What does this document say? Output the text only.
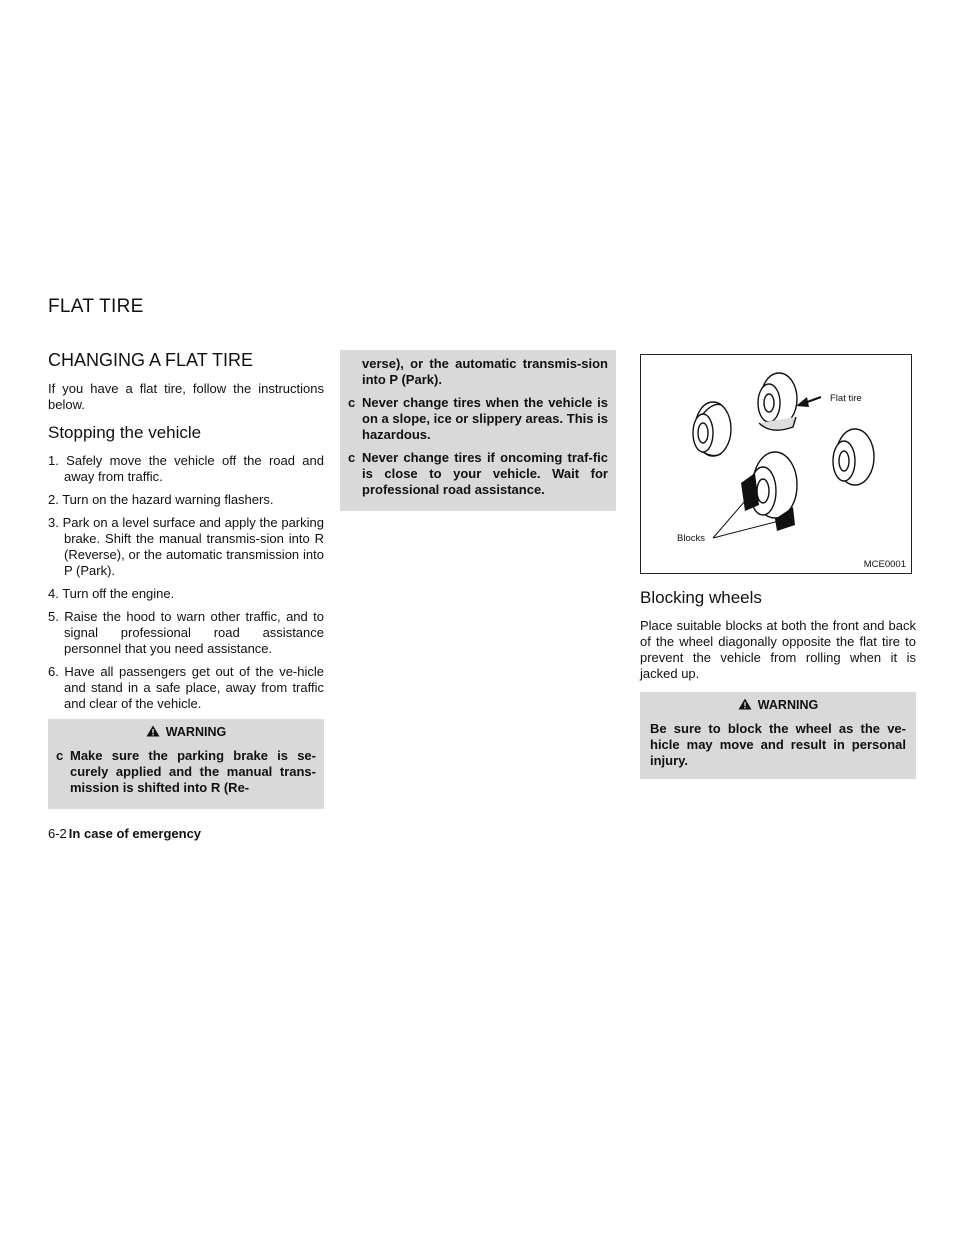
FLAT TIRE
CHANGING A FLAT TIRE

If you have a flat tire, follow the instructions below.

Stopping the vehicle
1. Safely move the vehicle off the road and away from traffic.
2. Turn on the hazard warning flashers.
3. Park on a level surface and apply the parking brake. Shift the manual transmis-sion into R (Reverse), or the automatic transmission into P (Park).
4. Turn off the engine.
5. Raise the hood to warn other traffic, and to signal professional road assistance personnel that you need assistance.
6. Have all passengers get out of the ve-hicle and stand in a safe place, away from traffic and clear of the vehicle.
WARNING
c Make sure the parking brake is se-curely applied and the manual trans-mission is shifted into R (Re-
verse), or the automatic transmis-sion into P (Park).
c Never change tires when the vehicle is on a slope, ice or slippery areas. This is hazardous.
c Never change tires if oncoming traf-fic is close to your vehicle. Wait for professional road assistance.
Flat tire
Blocks
MCE0001
Blocking wheels

Place suitable blocks at both the front and back of the wheel diagonally opposite the flat tire to prevent the vehicle from rolling when it is jacked up.

WARNING
Be sure to block the wheel as the ve-hicle may move and result in personal injury.
6-2 In case of emergency
